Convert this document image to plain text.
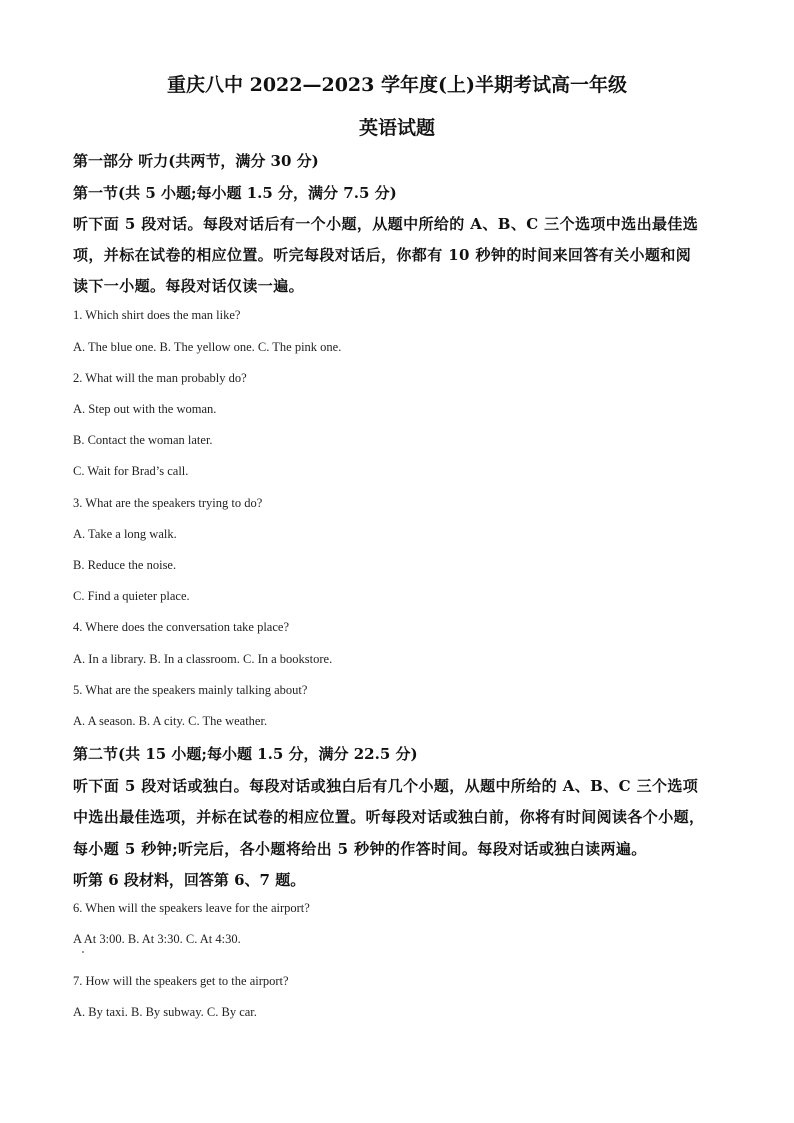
重庆八中 2022—2023 学年度(上)半期考试高一年级
英语试题
第一部分 听力(共两节，满分 30 分)
第一节(共 5 小题;每小题 1.5 分，满分 7.5 分)
听下面 5 段对话。每段对话后有一个小题，从题中所给的 A、B、C 三个选项中选出最佳选
项，并标在试卷的相应位置。听完每段对话后，你都有 10 秒钟的时间来回答有关小题和阅
读下一小题。每段对话仅读一遍。
1. Which shirt does the man like?
A. The blue one. B. The yellow one. C. The pink one.
2. What will the man probably do?
A. Step out with the woman.
B. Contact the woman later.
C. Wait for Brad’s call.
3. What are the speakers trying to do?
A. Take a long walk.
B. Reduce the noise.
C. Find a quieter place.
4. Where does the conversation take place?
A. In a library. B. In a classroom. C. In a bookstore.
5. What are the speakers mainly talking about?
A. A season. B. A city. C. The weather.
第二节(共 15 小题;每小题 1.5 分，满分 22.5 分)
听下面 5 段对话或独白。每段对话或独白后有几个小题，从题中所给的 A、B、C 三个选项
中选出最佳选项，并标在试卷的相应位置。听每段对话或独白前，你将有时间阅读各个小题，
每小题 5 秒钟;听完后，各小题将给出 5 秒钟的作答时间。每段对话或独白读两遍。
听第 6 段材料，回答第 6、7 题。
6. When will the speakers leave for the airport?
A At 3:00. B. At 3:30. C. At 4:30.
7. How will the speakers get to the airport?
A. By taxi. B. By subway. C. By car.
